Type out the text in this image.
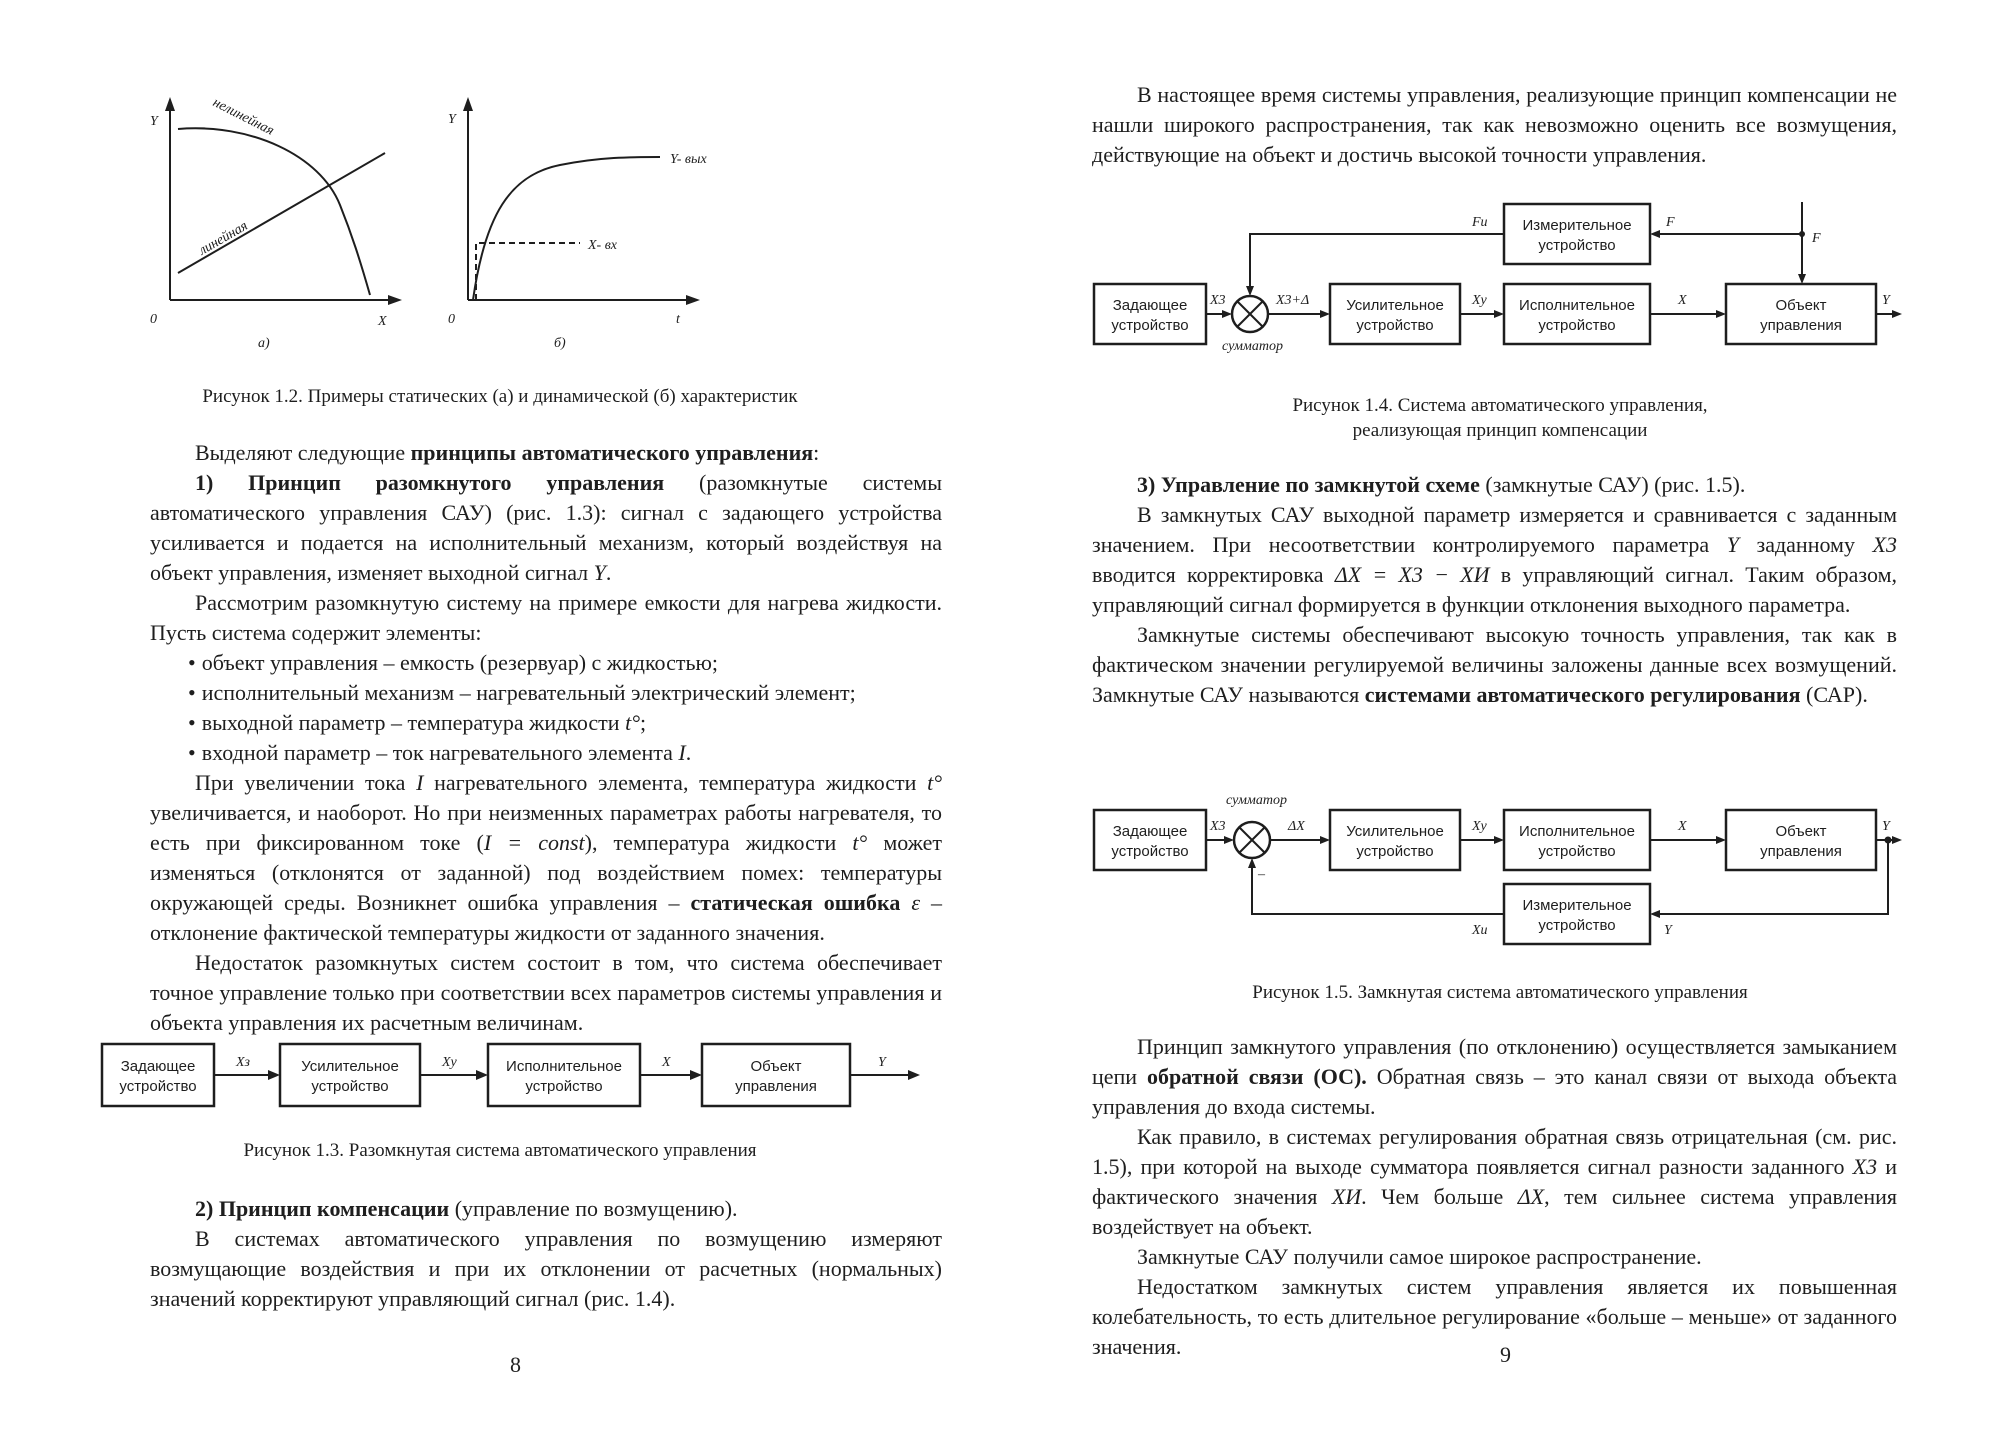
Y
X
0
нелинейная
линейная
а)
Y
t
0
Y- вых
X- вх
б)
Рисунок 1.2. Примеры статических (а) и динамической (б) характеристик

Выделяют следующие принципы автоматического управления:

1) Принцип разомкнутого управления (разомкнутые системы автоматического управления САУ) (рис. 1.3): сигнал с задающего устройства усиливается и подается на исполнительный механизм, который воздействуя на объект управления, изменяет выходной сигнал Y.

Рассмотрим разомкнутую систему на примере емкости для нагрева жидкости. Пусть система содержит элементы:

• объект управления – емкость (резервуар) с жидкостью;
• исполнительный механизм – нагревательный электрический элемент;
• выходной параметр – температура жидкости t°;
• входной параметр – ток нагревательного элемента I.

При увеличении тока I нагревательного элемента, температура жидкости t° увеличивается, и наоборот. Но при неизменных параметрах работы нагревателя, то есть при фиксированном токе (I = const), температура жидкости t° может изменяться (отклонятся от заданной) под воздействием помех: температуры окружающей среды. Возникнет ошибка управления – статическая ошибка ε – отклонение фактической температуры жидкости от заданного значения.

Недостаток разомкнутых систем состоит в том, что система обеспечивает точное управление только при соответствии всех параметров системы управления и объекта управления их расчетным величинам.

Задающее
устройство
Xз	Усилительное
устройство
Xу	Исполнительное
устройство
X	Объект
управления
Y
Рисунок 1.3. Разомкнутая система автоматического управления

2) Принцип компенсации (управление по возмущению).

В системах автоматического управления по возмущению измеряют возмущающие воздействия и при их отклонении от расчетных (нормальных) значений корректируют управляющий сигнал (рис. 1.4).

8

В настоящее время системы управления, реализующие принцип компенсации не нашли широкого распространения, так как невозможно оценить все возмущения, действующие на объект и достичь высокой точности управления.

Задающее
устройство
X3
сумматор
X3+Δ Усилительное
устройство
Xу Исполнительное
устройство
X	Объект
управления
Y
Измерительное
устройство	F
F
Fи
Рисунок 1.4. Система автоматического управления,
реализующая принцип компенсации

3) Управление по замкнутой схеме (замкнутые САУ) (рис. 1.5).

В замкнутых САУ выходной параметр измеряется и сравнивается с заданным значением. При несоответствии контролируемого параметра Y заданному X3 вводится корректировка ΔX = X3 − XИ в управляющий сигнал. Таким образом, управляющий сигнал формируется в функции отклонения выходного параметра.

Замкнутые системы обеспечивают высокую точность управления, так как в фактическом значении регулируемой величины заложены данные всех возмущений. Замкнутые САУ называются системами автоматического регулирования (САР).

сумматор
Задающее
устройство
X3
–
ΔX	Усилительное
устройство
Xу Исполнительное
устройство
X	Объект
управления
Y
Y
Измерительное
устройство
Xи
Рисунок 1.5. Замкнутая система автоматического управления

Принцип замкнутого управления (по отклонению) осуществляется замыканием цепи обратной связи (ОС). Обратная связь – это канал связи от выхода объекта управления до входа системы.

Как правило, в системах регулирования обратная связь отрицательная (см. рис. 1.5), при которой на выходе сумматора появляется сигнал разности заданного X3 и фактического значения XИ. Чем больше ΔX, тем сильнее система управления воздействует на объект.

Замкнутые САУ получили самое широкое распространение.

Недостатком замкнутых систем управления является их повышенная колебательность, то есть длительное регулирование «больше – меньше» от заданного значения.	9
